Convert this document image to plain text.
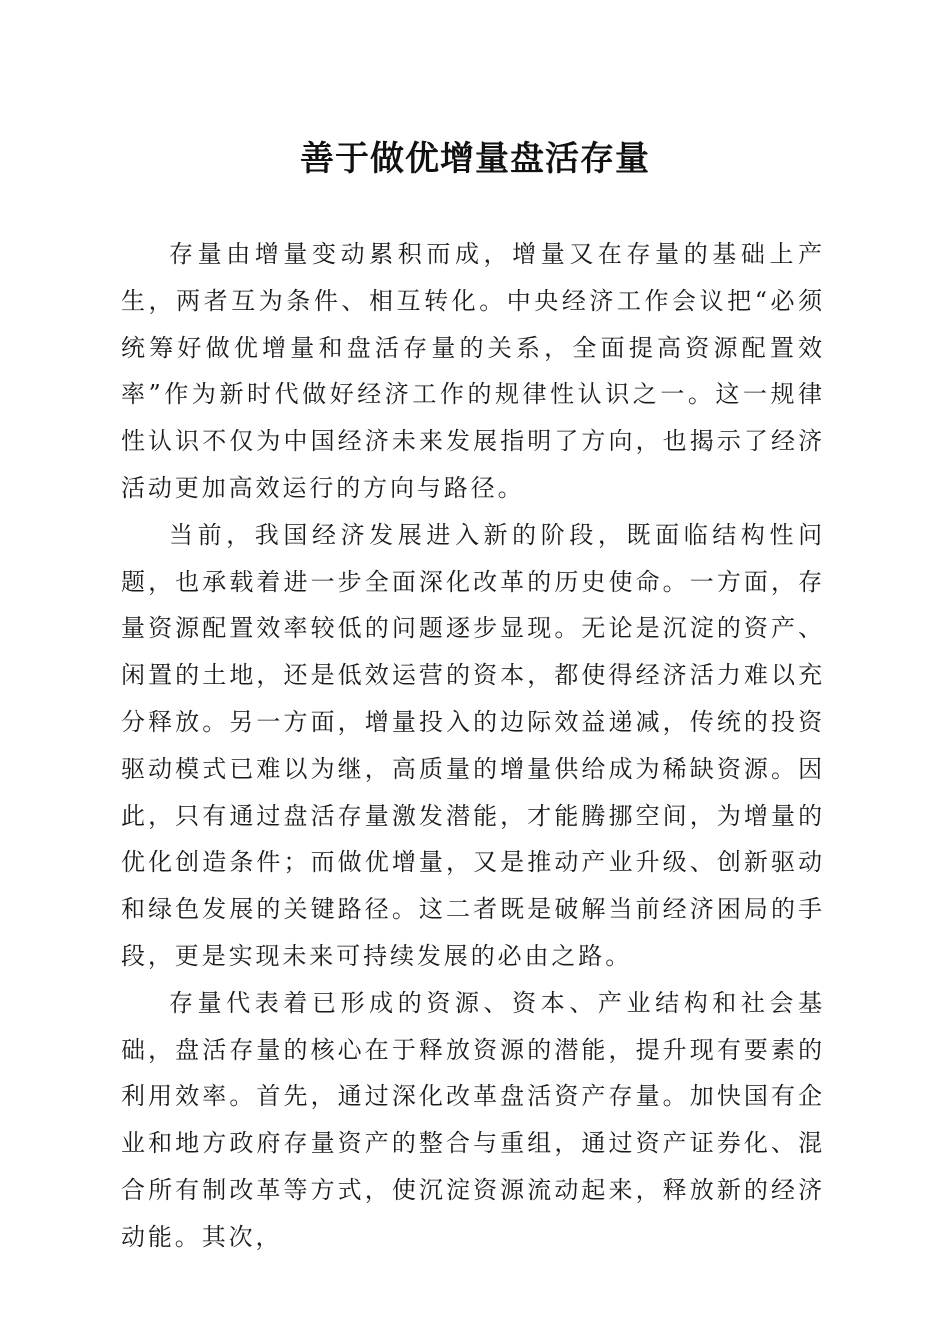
善于做优增量盘活存量

存量由增量变动累积而成，增量又在存量的基础上产生，两者互为条件、相互转化。中央经济工作会议把“必须统筹好做优增量和盘活存量的关系，全面提高资源配置效率”作为新时代做好经济工作的规律性认识之一。这一规律性认识不仅为中国经济未来发展指明了方向，也揭示了经济活动更加高效运行的方向与路径。

当前，我国经济发展进入新的阶段，既面临结构性问题，也承载着进一步全面深化改革的历史使命。一方面，存量资源配置效率较低的问题逐步显现。无论是沉淀的资产、闲置的土地，还是低效运营的资本，都使得经济活力难以充分释放。另一方面，增量投入的边际效益递减，传统的投资驱动模式已难以为继，高质量的增量供给成为稀缺资源。因此，只有通过盘活存量激发潜能，才能腾挪空间，为增量的优化创造条件；而做优增量，又是推动产业升级、创新驱动和绿色发展的关键路径。这二者既是破解当前经济困局的手段，更是实现未来可持续发展的必由之路。

存量代表着已形成的资源、资本、产业结构和社会基础，盘活存量的核心在于释放资源的潜能，提升现有要素的利用效率。首先，通过深化改革盘活资产存量。加快国有企业和地方政府存量资产的整合与重组，通过资产证券化、混合所有制改革等方式，使沉淀资源流动起来，释放新的经济动能。其次，
